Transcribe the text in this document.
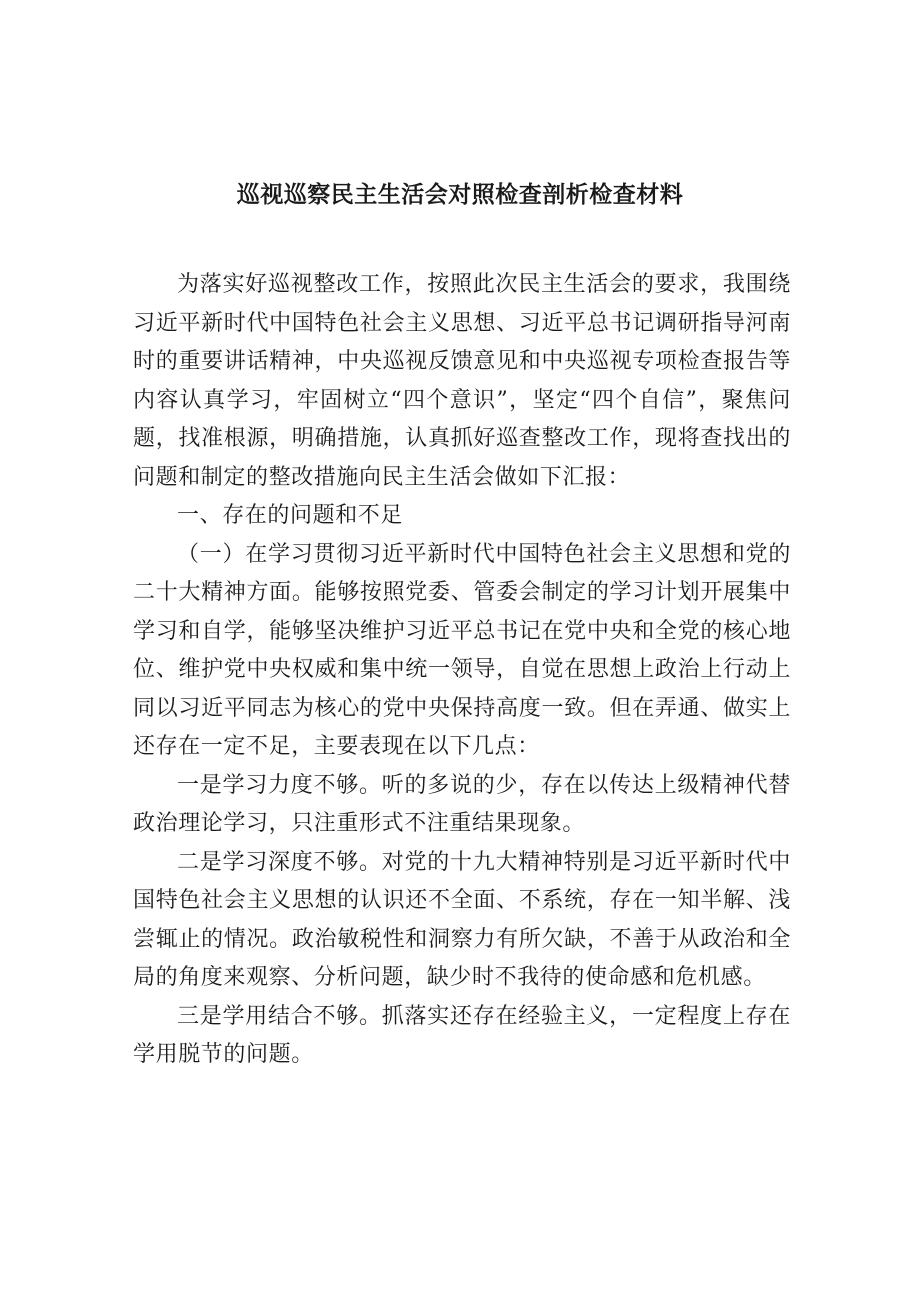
巡视巡察民主生活会对照检查剖析检查材料

为落实好巡视整改工作，按照此次民主生活会的要求，我围绕习近平新时代中国特色社会主义思想、习近平总书记调研指导河南时的重要讲话精神，中央巡视反馈意见和中央巡视专项检查报告等内容认真学习，牢固树立“四个意识”，坚定“四个自信”，聚焦问题，找准根源，明确措施，认真抓好巡查整改工作，现将查找出的问题和制定的整改措施向民主生活会做如下汇报：

一、存在的问题和不足

（一）在学习贯彻习近平新时代中国特色社会主义思想和党的二十大精神方面。能够按照党委、管委会制定的学习计划开展集中学习和自学，能够坚决维护习近平总书记在党中央和全党的核心地位、维护党中央权威和集中统一领导，自觉在思想上政治上行动上同以习近平同志为核心的党中央保持高度一致。但在弄通、做实上还存在一定不足，主要表现在以下几点：

一是学习力度不够。听的多说的少，存在以传达上级精神代替政治理论学习，只注重形式不注重结果现象。

二是学习深度不够。对党的十九大精神特别是习近平新时代中国特色社会主义思想的认识还不全面、不系统，存在一知半解、浅尝辄止的情况。政治敏税性和洞察力有所欠缺，不善于从政治和全局的角度来观察、分析问题，缺少时不我待的使命感和危机感。

三是学用结合不够。抓落实还存在经验主义，一定程度上存在学用脱节的问题。
